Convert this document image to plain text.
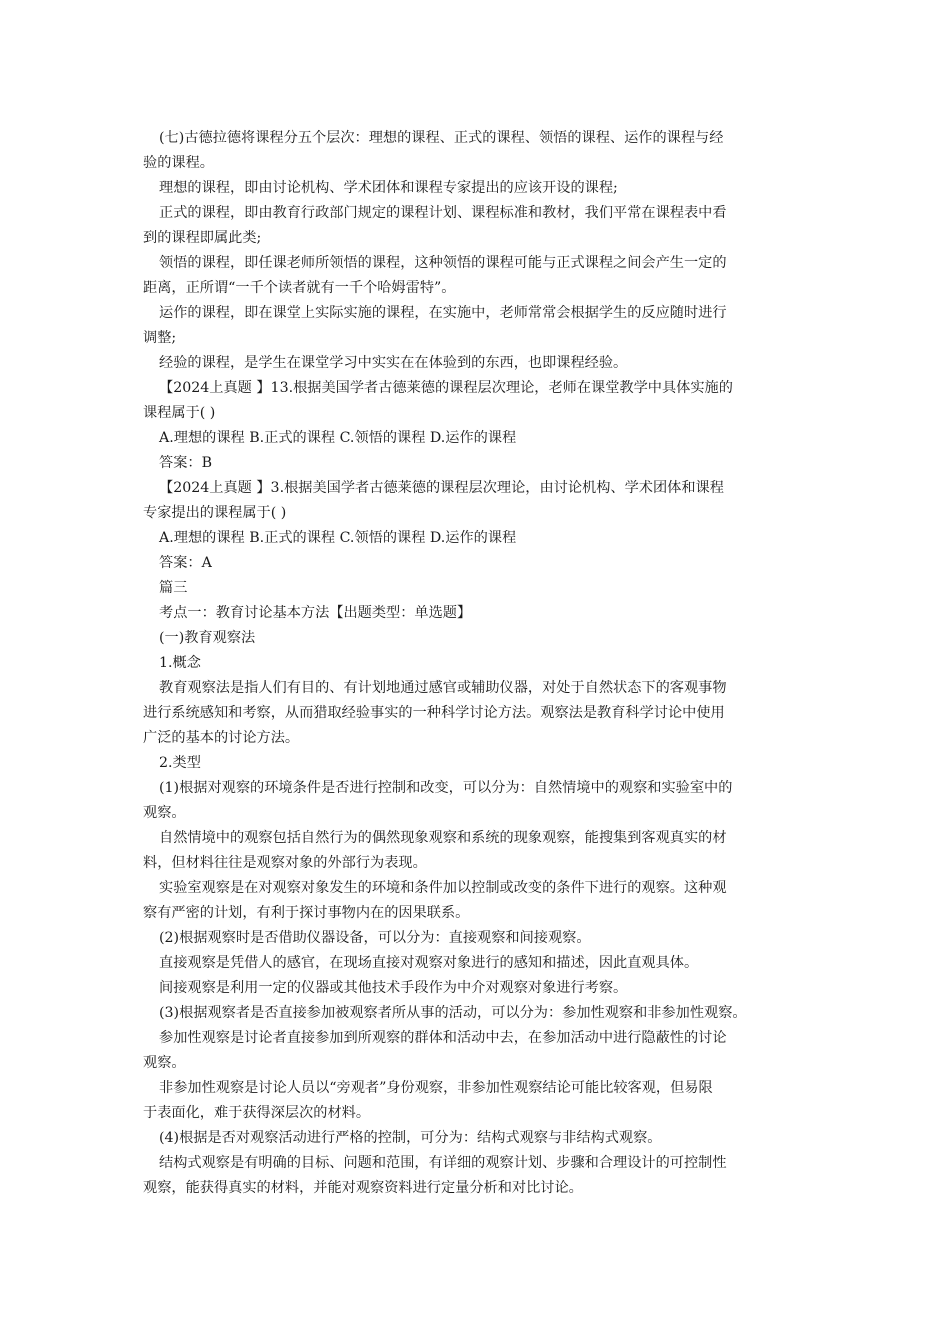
(七)古德拉德将课程分五个层次：理想的课程、正式的课程、领悟的课程、运作的课程与经

验的课程。

理想的课程，即由讨论机构、学术团体和课程专家提出的应该开设的课程;

正式的课程，即由教育行政部门规定的课程计划、课程标准和教材，我们平常在课程表中看

到的课程即属此类;

领悟的课程，即任课老师所领悟的课程，这种领悟的课程可能与正式课程之间会产生一定的

距离，正所谓“一千个读者就有一千个哈姆雷特”。

运作的课程，即在课堂上实际实施的课程，在实施中，老师常常会根据学生的反应随时进行

调整;

经验的课程，是学生在课堂学习中实实在在体验到的东西，也即课程经验。

【2024上真题 】13.根据美国学者古德莱德的课程层次理论，老师在课堂教学中具体实施的

课程属于( )

A.理想的课程 B.正式的课程 C.领悟的课程 D.运作的课程

答案：B

【2024上真题 】3.根据美国学者古德莱德的课程层次理论，由讨论机构、学术团体和课程

专家提出的课程属于( )

A.理想的课程 B.正式的课程 C.领悟的课程 D.运作的课程

答案：A

篇三

考点一：教育讨论基本方法【出题类型：单选题】

(一)教育观察法

1.概念

教育观察法是指人们有目的、有计划地通过感官或辅助仪器，对处于自然状态下的客观事物

进行系统感知和考察，从而猎取经验事实的一种科学讨论方法。观察法是教育科学讨论中使用

广泛的基本的讨论方法。

2.类型

(1)根据对观察的环境条件是否进行控制和改变，可以分为：自然情境中的观察和实验室中的

观察。

自然情境中的观察包括自然行为的偶然现象观察和系统的现象观察，能搜集到客观真实的材

料，但材料往往是观察对象的外部行为表现。

实验室观察是在对观察对象发生的环境和条件加以控制或改变的条件下进行的观察。这种观

察有严密的计划，有利于探讨事物内在的因果联系。

(2)根据观察时是否借助仪器设备，可以分为：直接观察和间接观察。

直接观察是凭借人的感官，在现场直接对观察对象进行的感知和描述，因此直观具体。

间接观察是利用一定的仪器或其他技术手段作为中介对观察对象进行考察。

(3)根据观察者是否直接参加被观察者所从事的活动，可以分为：参加性观察和非参加性观察。

参加性观察是讨论者直接参加到所观察的群体和活动中去，在参加活动中进行隐蔽性的讨论

观察。

非参加性观察是讨论人员以“旁观者”身份观察，非参加性观察结论可能比较客观，但易限

于表面化，难于获得深层次的材料。

(4)根据是否对观察活动进行严格的控制，可分为：结构式观察与非结构式观察。

结构式观察是有明确的目标、问题和范围，有详细的观察计划、步骤和合理设计的可控制性

观察，能获得真实的材料，并能对观察资料进行定量分析和对比讨论。
